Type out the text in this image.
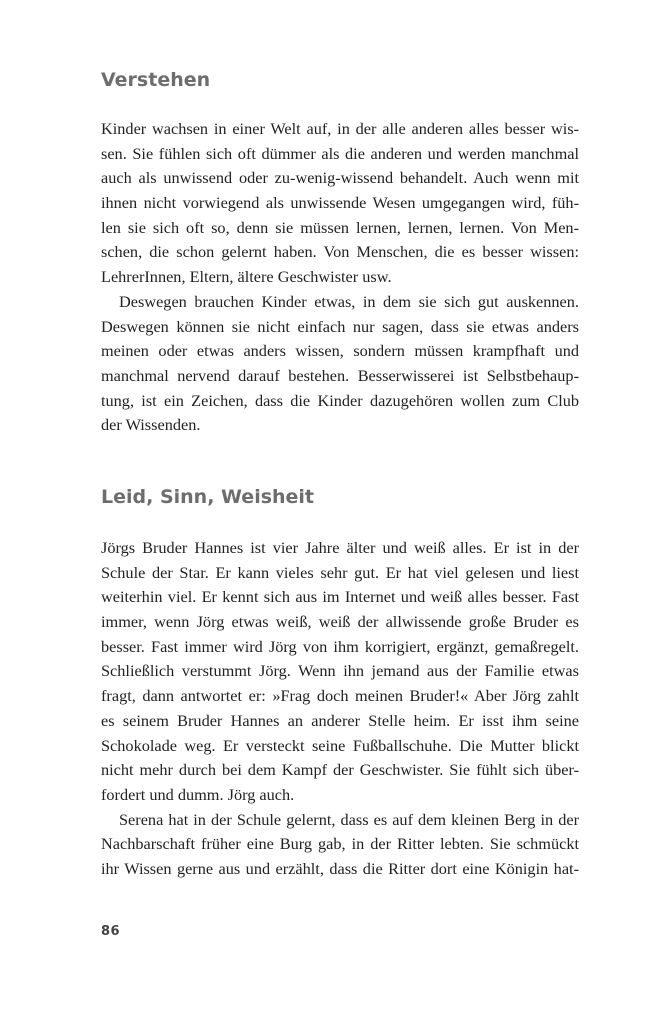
Verstehen
Kinder wachsen in einer Welt auf, in der alle anderen alles besser wis-
sen. Sie fühlen sich oft dümmer als die anderen und werden manchmal
auch als unwissend oder zu-wenig-wissend behandelt. Auch wenn mit
ihnen nicht vorwiegend als unwissende Wesen umgegangen wird, füh-
len sie sich oft so, denn sie müssen lernen, lernen, lernen. Von Men-
schen, die schon gelernt haben. Von Menschen, die es besser wissen:
LehrerInnen, Eltern, ältere Geschwister usw.
Deswegen brauchen Kinder etwas, in dem sie sich gut auskennen.
Deswegen können sie nicht einfach nur sagen, dass sie etwas anders
meinen oder etwas anders wissen, sondern müssen krampfhaft und
manchmal nervend darauf bestehen. Besserwisserei ist Selbstbehaup-
tung, ist ein Zeichen, dass die Kinder dazugehören wollen zum Club
der Wissenden.
Leid, Sinn, Weisheit
Jörgs Bruder Hannes ist vier Jahre älter und weiß alles. Er ist in der
Schule der Star. Er kann vieles sehr gut. Er hat viel gelesen und liest
weiterhin viel. Er kennt sich aus im Internet und weiß alles besser. Fast
immer, wenn Jörg etwas weiß, weiß der allwissende große Bruder es
besser. Fast immer wird Jörg von ihm korrigiert, ergänzt, gemaßregelt.
Schließlich verstummt Jörg. Wenn ihn jemand aus der Familie etwas
fragt, dann antwortet er: »Frag doch meinen Bruder!« Aber Jörg zahlt
es seinem Bruder Hannes an anderer Stelle heim. Er isst ihm seine
Schokolade weg. Er versteckt seine Fußballschuhe. Die Mutter blickt
nicht mehr durch bei dem Kampf der Geschwister. Sie fühlt sich über-
fordert und dumm. Jörg auch.
Serena hat in der Schule gelernt, dass es auf dem kleinen Berg in der
Nachbarschaft früher eine Burg gab, in der Ritter lebten. Sie schmückt
ihr Wissen gerne aus und erzählt, dass die Ritter dort eine Königin hat-
86
